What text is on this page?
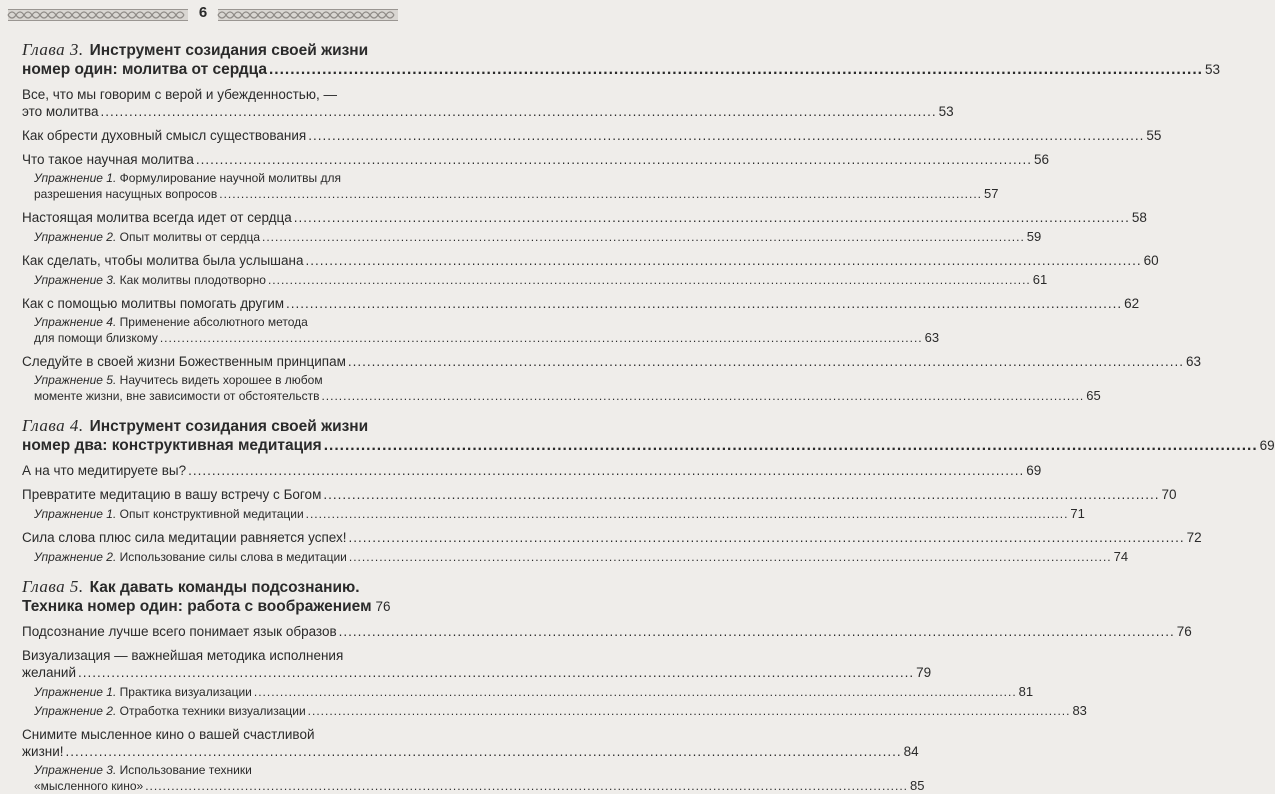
6
Глава 3. Инструмент созидания своей жизни
номер один: молитва от сердца .....	53
Все, что мы говорим с верой и убежденностью, —
это молитва .....	53
Как обрести духовный смысл существования .....	55
Что такое научная молитва .....	56
Упражнение 1. Формулирование научной молитвы для
разрешения насущных вопросов .....	57
Настоящая молитва всегда идет от сердца .....	58
Упражнение 2. Опыт молитвы от сердца .....	59
Как сделать, чтобы молитва была услышана .....	60
Упражнение 3. Как молитвы плодотворно .....	61
Как с помощью молитвы помогать другим .....	62
Упражнение 4. Применение абсолютного метода
для помощи близкому .....	63
Следуйте в своей жизни Божественным принципам .....	63
Упражнение 5. Научитесь видеть хорошее в любом
моменте жизни, вне зависимости от обстоятельств .....	65
Глава 4. Инструмент созидания своей жизни
номер два: конструктивная медитация .....	69
А на что медитируете вы? .....	69
Превратите медитацию в вашу встречу с Богом .....	70
Упражнение 1. Опыт конструктивной медитации .....	71
Сила слова плюс сила медитации равняется успех! .....	72
Упражнение 2. Использование силы слова в медитации .....	74
Глава 5. Как давать команды подсознанию.
Техника номер один: работа с воображением 76
Подсознание лучше всего понимает язык образов .....	76
Визуализация — важнейшая методика исполнения
желаний .....	79
Упражнение 1. Практика визуализации .....	81
Упражнение 2. Отработка техники визуализации .....	83
Снимите мысленное кино о вашей счастливой
жизни! .....	84
Упражнение 3. Использование техники
«мысленного кино» .....	85
